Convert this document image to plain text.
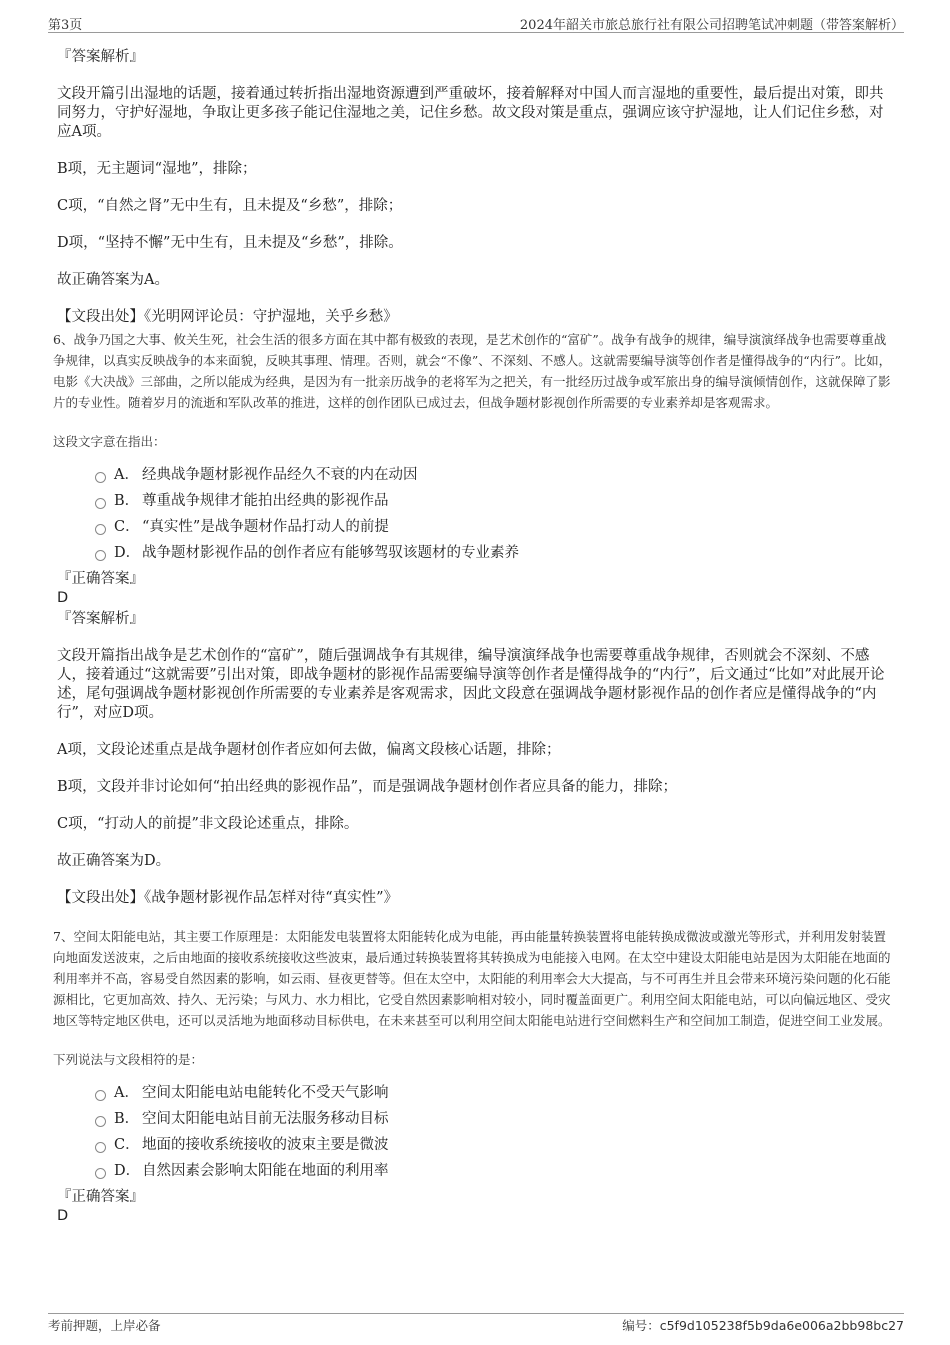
第3页	2024年韶关市旅总旅行社有限公司招聘笔试冲刺题（带答案解析）

『答案解析』

文段开篇引出湿地的话题，接着通过转折指出湿地资源遭到严重破坏，接着解释对中国人而言湿地的重要性，最后提出对策，即共同努力，守护好湿地，争取让更多孩子能记住湿地之美，记住乡愁。故文段对策是重点，强调应该守护湿地，让人们记住乡愁，对应A项。

B项，无主题词“湿地”，排除；

C项，“自然之肾”无中生有，且未提及“乡愁”，排除；

D项，“坚持不懈”无中生有，且未提及“乡愁”，排除。

故正确答案为A。

【文段出处】《光明网评论员：守护湿地，关乎乡愁》

6、战争乃国之大事、攸关生死，社会生活的很多方面在其中都有极致的表现，是艺术创作的“富矿”。战争有战争的规律，编导演演绎战争也需要尊重战争规律，以真实反映战争的本来面貌，反映其事理、情理。否则，就会“不像”、不深刻、不感人。这就需要编导演等创作者是懂得战争的“内行”。比如，电影《大决战》三部曲，之所以能成为经典，是因为有一批亲历战争的老将军为之把关，有一批经历过战争或军旅出身的编导演倾情创作，这就保障了影片的专业性。随着岁月的流逝和军队改革的推进，这样的创作团队已成过去，但战争题材影视创作所需要的专业素养却是客观需求。

这段文字意在指出：

A． 经典战争题材影视作品经久不衰的内在动因
B． 尊重战争规律才能拍出经典的影视作品
C． “真实性”是战争题材作品打动人的前提
D． 战争题材影视作品的创作者应有能够驾驭该题材的专业素养

『正确答案』

D

『答案解析』

文段开篇指出战争是艺术创作的“富矿”，随后强调战争有其规律，编导演演绎战争也需要尊重战争规律，否则就会不深刻、不感人，接着通过“这就需要”引出对策，即战争题材的影视作品需要编导演等创作者是懂得战争的“内行”，后文通过“比如”对此展开论述，尾句强调战争题材影视创作所需要的专业素养是客观需求，因此文段意在强调战争题材影视作品的创作者应是懂得战争的“内行”，对应D项。

A项，文段论述重点是战争题材创作者应如何去做，偏离文段核心话题，排除；

B项，文段并非讨论如何“拍出经典的影视作品”，而是强调战争题材创作者应具备的能力，排除；

C项，“打动人的前提”非文段论述重点，排除。

故正确答案为D。

【文段出处】《战争题材影视作品怎样对待“真实性”》

7、空间太阳能电站，其主要工作原理是：太阳能发电装置将太阳能转化成为电能，再由能量转换装置将电能转换成微波或激光等形式，并利用发射装置向地面发送波束，之后由地面的接收系统接收这些波束，最后通过转换装置将其转换成为电能接入电网。在太空中建设太阳能电站是因为太阳能在地面的利用率并不高，容易受自然因素的影响，如云雨、昼夜更替等。但在太空中，太阳能的利用率会大大提高，与不可再生并且会带来环境污染问题的化石能源相比，它更加高效、持久、无污染；与风力、水力相比，它受自然因素影响相对较小，同时覆盖面更广。利用空间太阳能电站，可以向偏远地区、受灾地区等特定地区供电，还可以灵活地为地面移动目标供电，在未来甚至可以利用空间太阳能电站进行空间燃料生产和空间加工制造，促进空间工业发展。

下列说法与文段相符的是：

A． 空间太阳能电站电能转化不受天气影响
B． 空间太阳能电站目前无法服务移动目标
C． 地面的接收系统接收的波束主要是微波
D． 自然因素会影响太阳能在地面的利用率

『正确答案』

D

考前押题，上岸必备	编号：c5f9d105238f5b9da6e006a2bb98bc27
